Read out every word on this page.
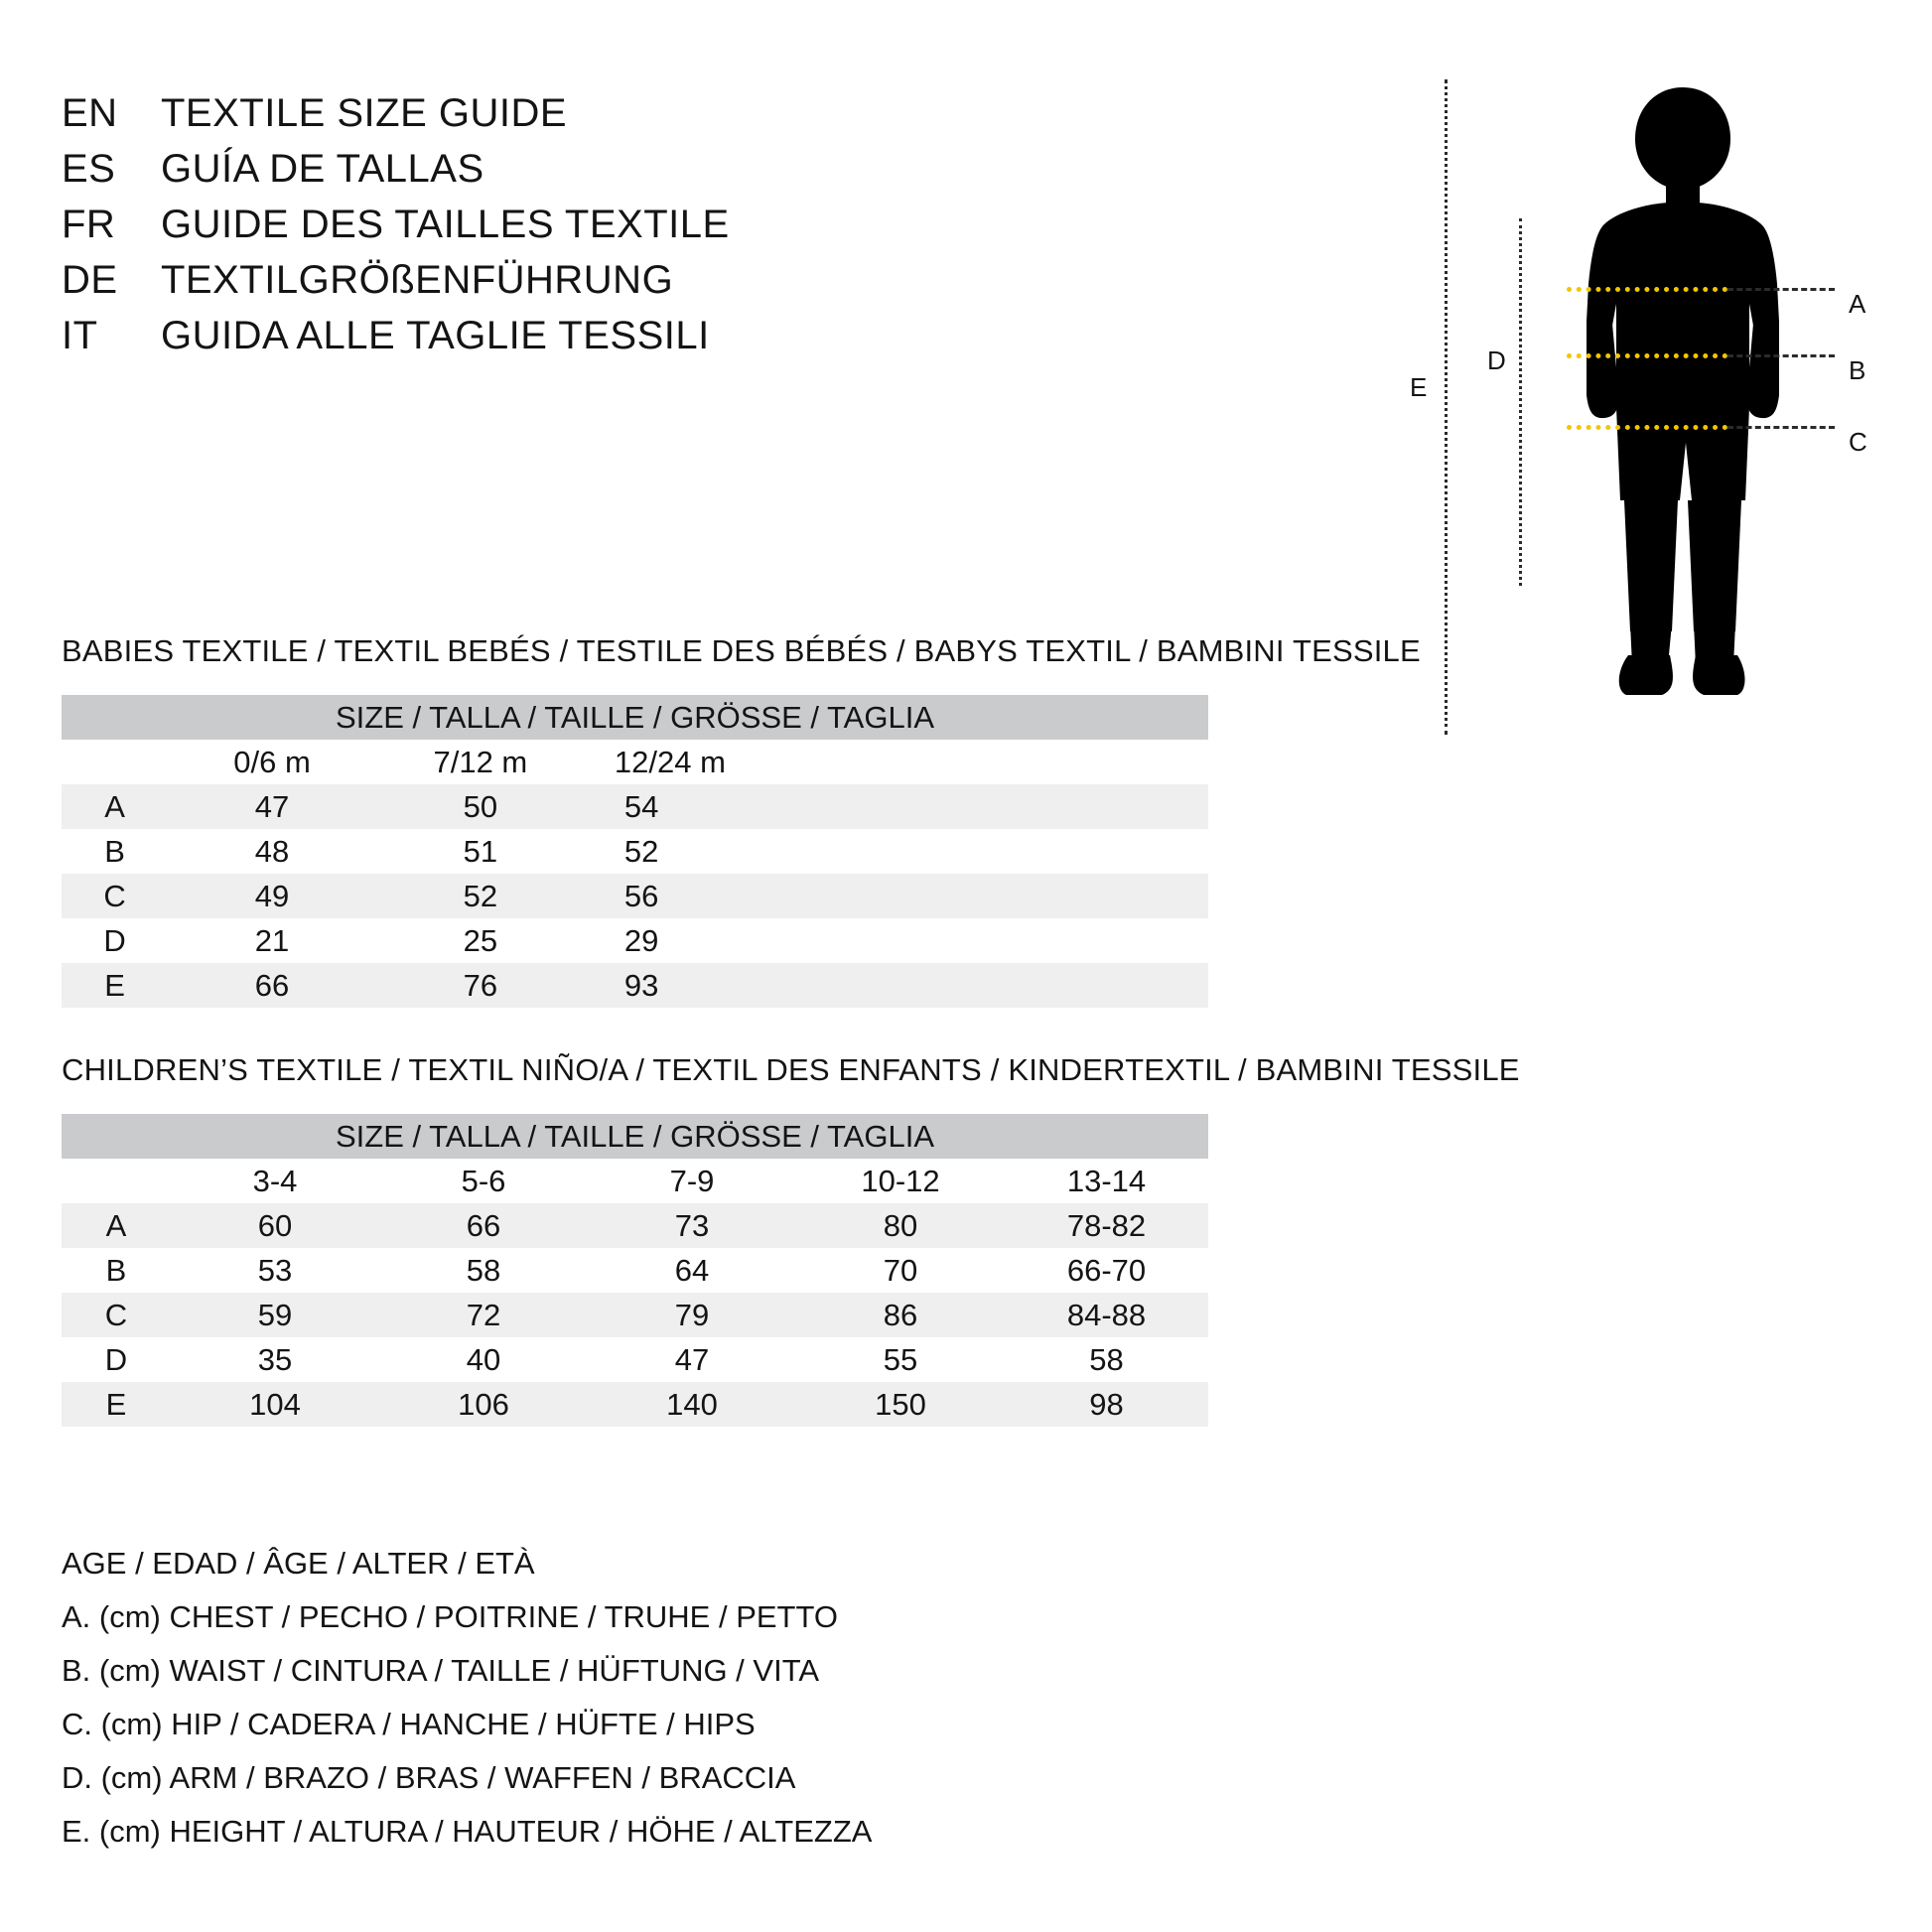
EN	TEXTILE SIZE GUIDE
ES	GUÍA DE TALLAS
FR	GUIDE DES TAILLES TEXTILE
DE	TEXTILGRÖßENFÜHRUNG
IT	GUIDA ALLE TAGLIE TESSILI
E
D
A
B
C
BABIES TEXTILE / TEXTIL BEBÉS / TESTILE DES BÉBÉS / BABYS TEXTIL / BAMBINI TESSILE
SIZE / TALLA / TAILLE / GRÖSSE / TAGLIA			
	0/6 m	7/12 m	12/24 m
A	47	50	54
B	48	51	52
C	49	52	56
D	21	25	29
E	66	76	93
CHILDREN’S TEXTILE / TEXTIL NIÑO/A / TEXTIL DES ENFANTS / KINDERTEXTIL / BAMBINI TESSILE
SIZE / TALLA / TAILLE / GRÖSSE / TAGLIA					
	3-4	5-6	7-9	10-12	13-14
A	60	66	73	80	78-82
B	53	58	64	70	66-70
C	59	72	79	86	84-88
D	35	40	47	55	58
E	104	106	140	150	98
AGE / EDAD / ÂGE / ALTER / ETÀ
A. (cm) CHEST / PECHO / POITRINE / TRUHE / PETTO
B. (cm) WAIST / CINTURA / TAILLE / HÜFTUNG / VITA
C. (cm) HIP / CADERA / HANCHE / HÜFTE / HIPS
D. (cm) ARM / BRAZO / BRAS / WAFFEN / BRACCIA
E. (cm) HEIGHT / ALTURA / HAUTEUR / HÖHE / ALTEZZA
